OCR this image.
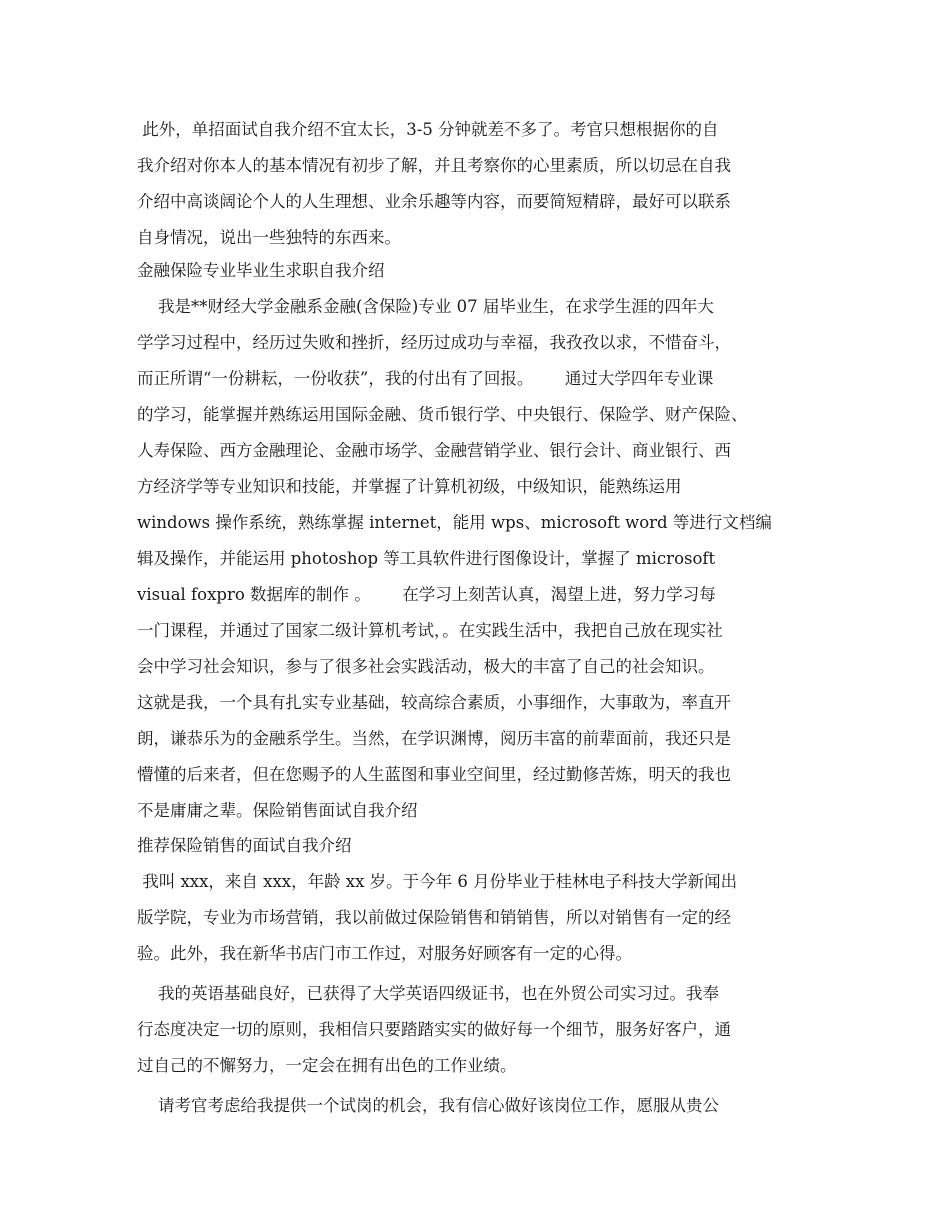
此外，单招面试自我介绍不宜太长，3-5 分钟就差不多了。考官只想根据你的自

我介绍对你本人的基本情况有初步了解，并且考察你的心里素质，所以切忌在自我

介绍中高谈阔论个人的人生理想、业余乐趣等内容，而要简短精辟，最好可以联系

自身情况，说出一些独特的东西来。

金融保险专业毕业生求职自我介绍

我是**财经大学金融系金融(含保险)专业 07 届毕业生，在求学生涯的四年大

学学习过程中，经历过失败和挫折，经历过成功与幸福，我孜孜以求，不惜奋斗，

而正所谓“一份耕耘，一份收获”，我的付出有了回报。      通过大学四年专业课

的学习，能掌握并熟练运用国际金融、货币银行学、中央银行、保险学、财产保险、

人寿保险、西方金融理论、金融市场学、金融营销学业、银行会计、商业银行、西

方经济学等专业知识和技能，并掌握了计算机初级，中级知识，能熟练运用

windows 操作系统，熟练掌握 internet，能用 wps、microsoft word 等进行文档编

辑及操作，并能运用 photoshop 等工具软件进行图像设计，掌握了 microsoft

visual foxpro 数据库的制作 。      在学习上刻苦认真，渴望上进，努力学习每

一门课程，并通过了国家二级计算机考试，。在实践生活中，我把自己放在现实社

会中学习社会知识，参与了很多社会实践活动，极大的丰富了自己的社会知识。

这就是我，一个具有扎实专业基础，较高综合素质，小事细作，大事敢为，率直开

朗，谦恭乐为的金融系学生。当然，在学识渊博，阅历丰富的前辈面前，我还只是

懵懂的后来者，但在您赐予的人生蓝图和事业空间里，经过勤修苦炼，明天的我也

不是庸庸之辈。保险销售面试自我介绍

推荐保险销售的面试自我介绍

我叫 xxx，来自 xxx，年龄 xx 岁。于今年 6 月份毕业于桂林电子科技大学新闻出

版学院，专业为市场营销，我以前做过保险销售和销销售，所以对销售有一定的经

验。此外，我在新华书店门市工作过，对服务好顾客有一定的心得。

我的英语基础良好，已获得了大学英语四级证书，也在外贸公司实习过。我奉

行态度决定一切的原则，我相信只要踏踏实实的做好每一个细节，服务好客户，通

过自己的不懈努力，一定会在拥有出色的工作业绩。

请考官考虑给我提供一个试岗的机会，我有信心做好该岗位工作，愿服从贵公
